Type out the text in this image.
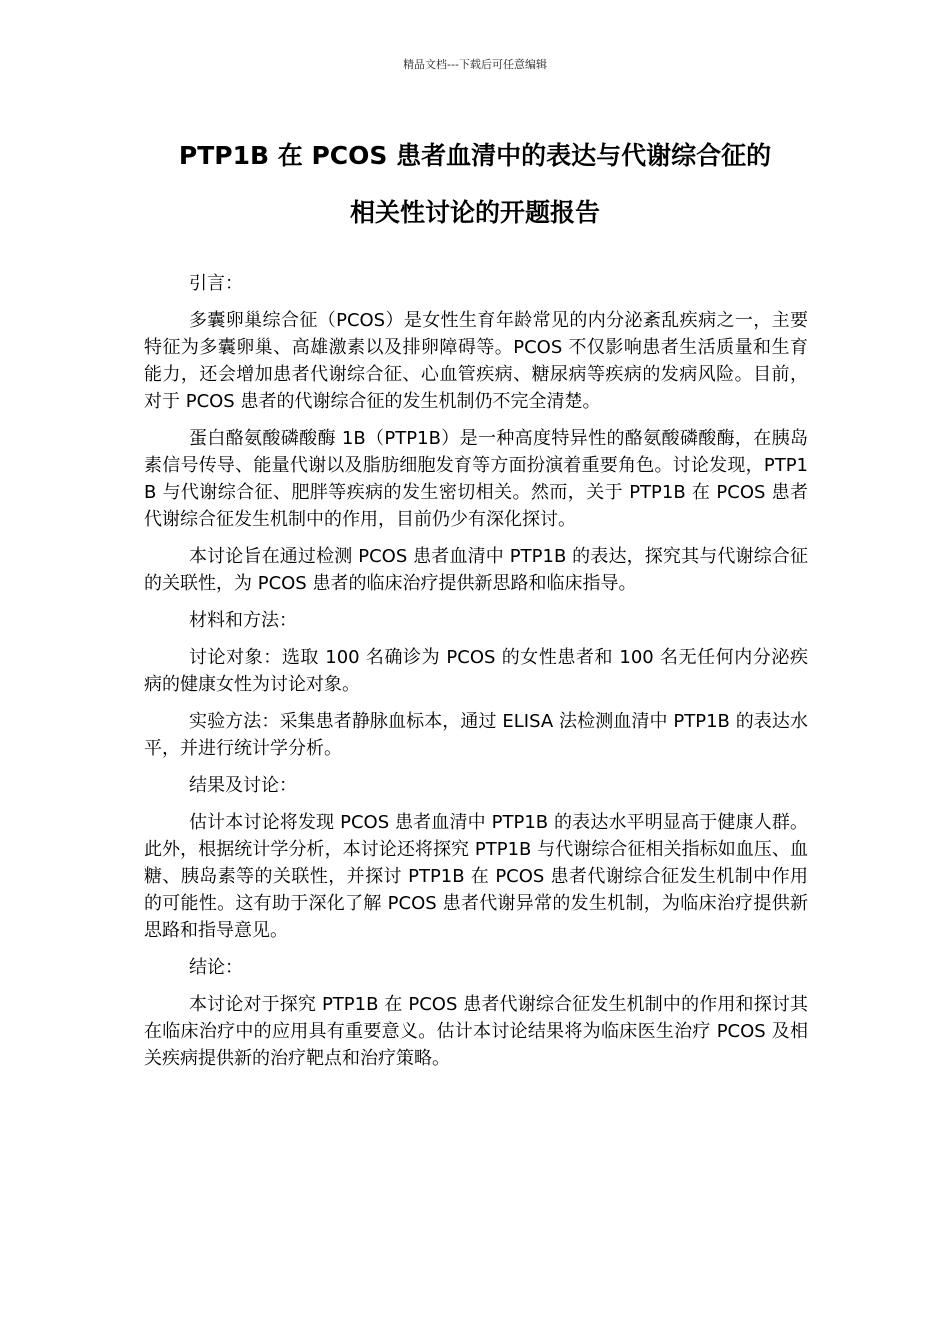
精品文档---下载后可任意编辑
PTP1B 在 PCOS 患者血清中的表达与代谢综合征的
相关性讨论的开题报告

引言：

多囊卵巢综合征（PCOS）是女性生育年龄常见的内分泌紊乱疾病之一，主要特征为多囊卵巢、高雄激素以及排卵障碍等。PCOS 不仅影响患者生活质量和生育能力，还会增加患者代谢综合征、心血管疾病、糖尿病等疾病的发病风险。目前，对于 PCOS 患者的代谢综合征的发生机制仍不完全清楚。

蛋白酪氨酸磷酸酶 1B（PTP1B）是一种高度特异性的酪氨酸磷酸酶，在胰岛素信号传导、能量代谢以及脂肪细胞发育等方面扮演着重要角色。讨论发现，PTP1B 与代谢综合征、肥胖等疾病的发生密切相关。然而，关于 PTP1B 在 PCOS 患者代谢综合征发生机制中的作用，目前仍少有深化探讨。

本讨论旨在通过检测 PCOS 患者血清中 PTP1B 的表达，探究其与代谢综合征的关联性，为 PCOS 患者的临床治疗提供新思路和临床指导。

材料和方法：

讨论对象：选取 100 名确诊为 PCOS 的女性患者和 100 名无任何内分泌疾病的健康女性为讨论对象。

实验方法：采集患者静脉血标本，通过 ELISA 法检测血清中 PTP1B 的表达水平，并进行统计学分析。

结果及讨论：

估计本讨论将发现 PCOS 患者血清中 PTP1B 的表达水平明显高于健康人群。此外，根据统计学分析，本讨论还将探究 PTP1B 与代谢综合征相关指标如血压、血糖、胰岛素等的关联性，并探讨 PTP1B 在 PCOS 患者代谢综合征发生机制中作用的可能性。这有助于深化了解 PCOS 患者代谢异常的发生机制，为临床治疗提供新思路和指导意见。

结论：

本讨论对于探究 PTP1B 在 PCOS 患者代谢综合征发生机制中的作用和探讨其在临床治疗中的应用具有重要意义。估计本讨论结果将为临床医生治疗 PCOS 及相关疾病提供新的治疗靶点和治疗策略。
